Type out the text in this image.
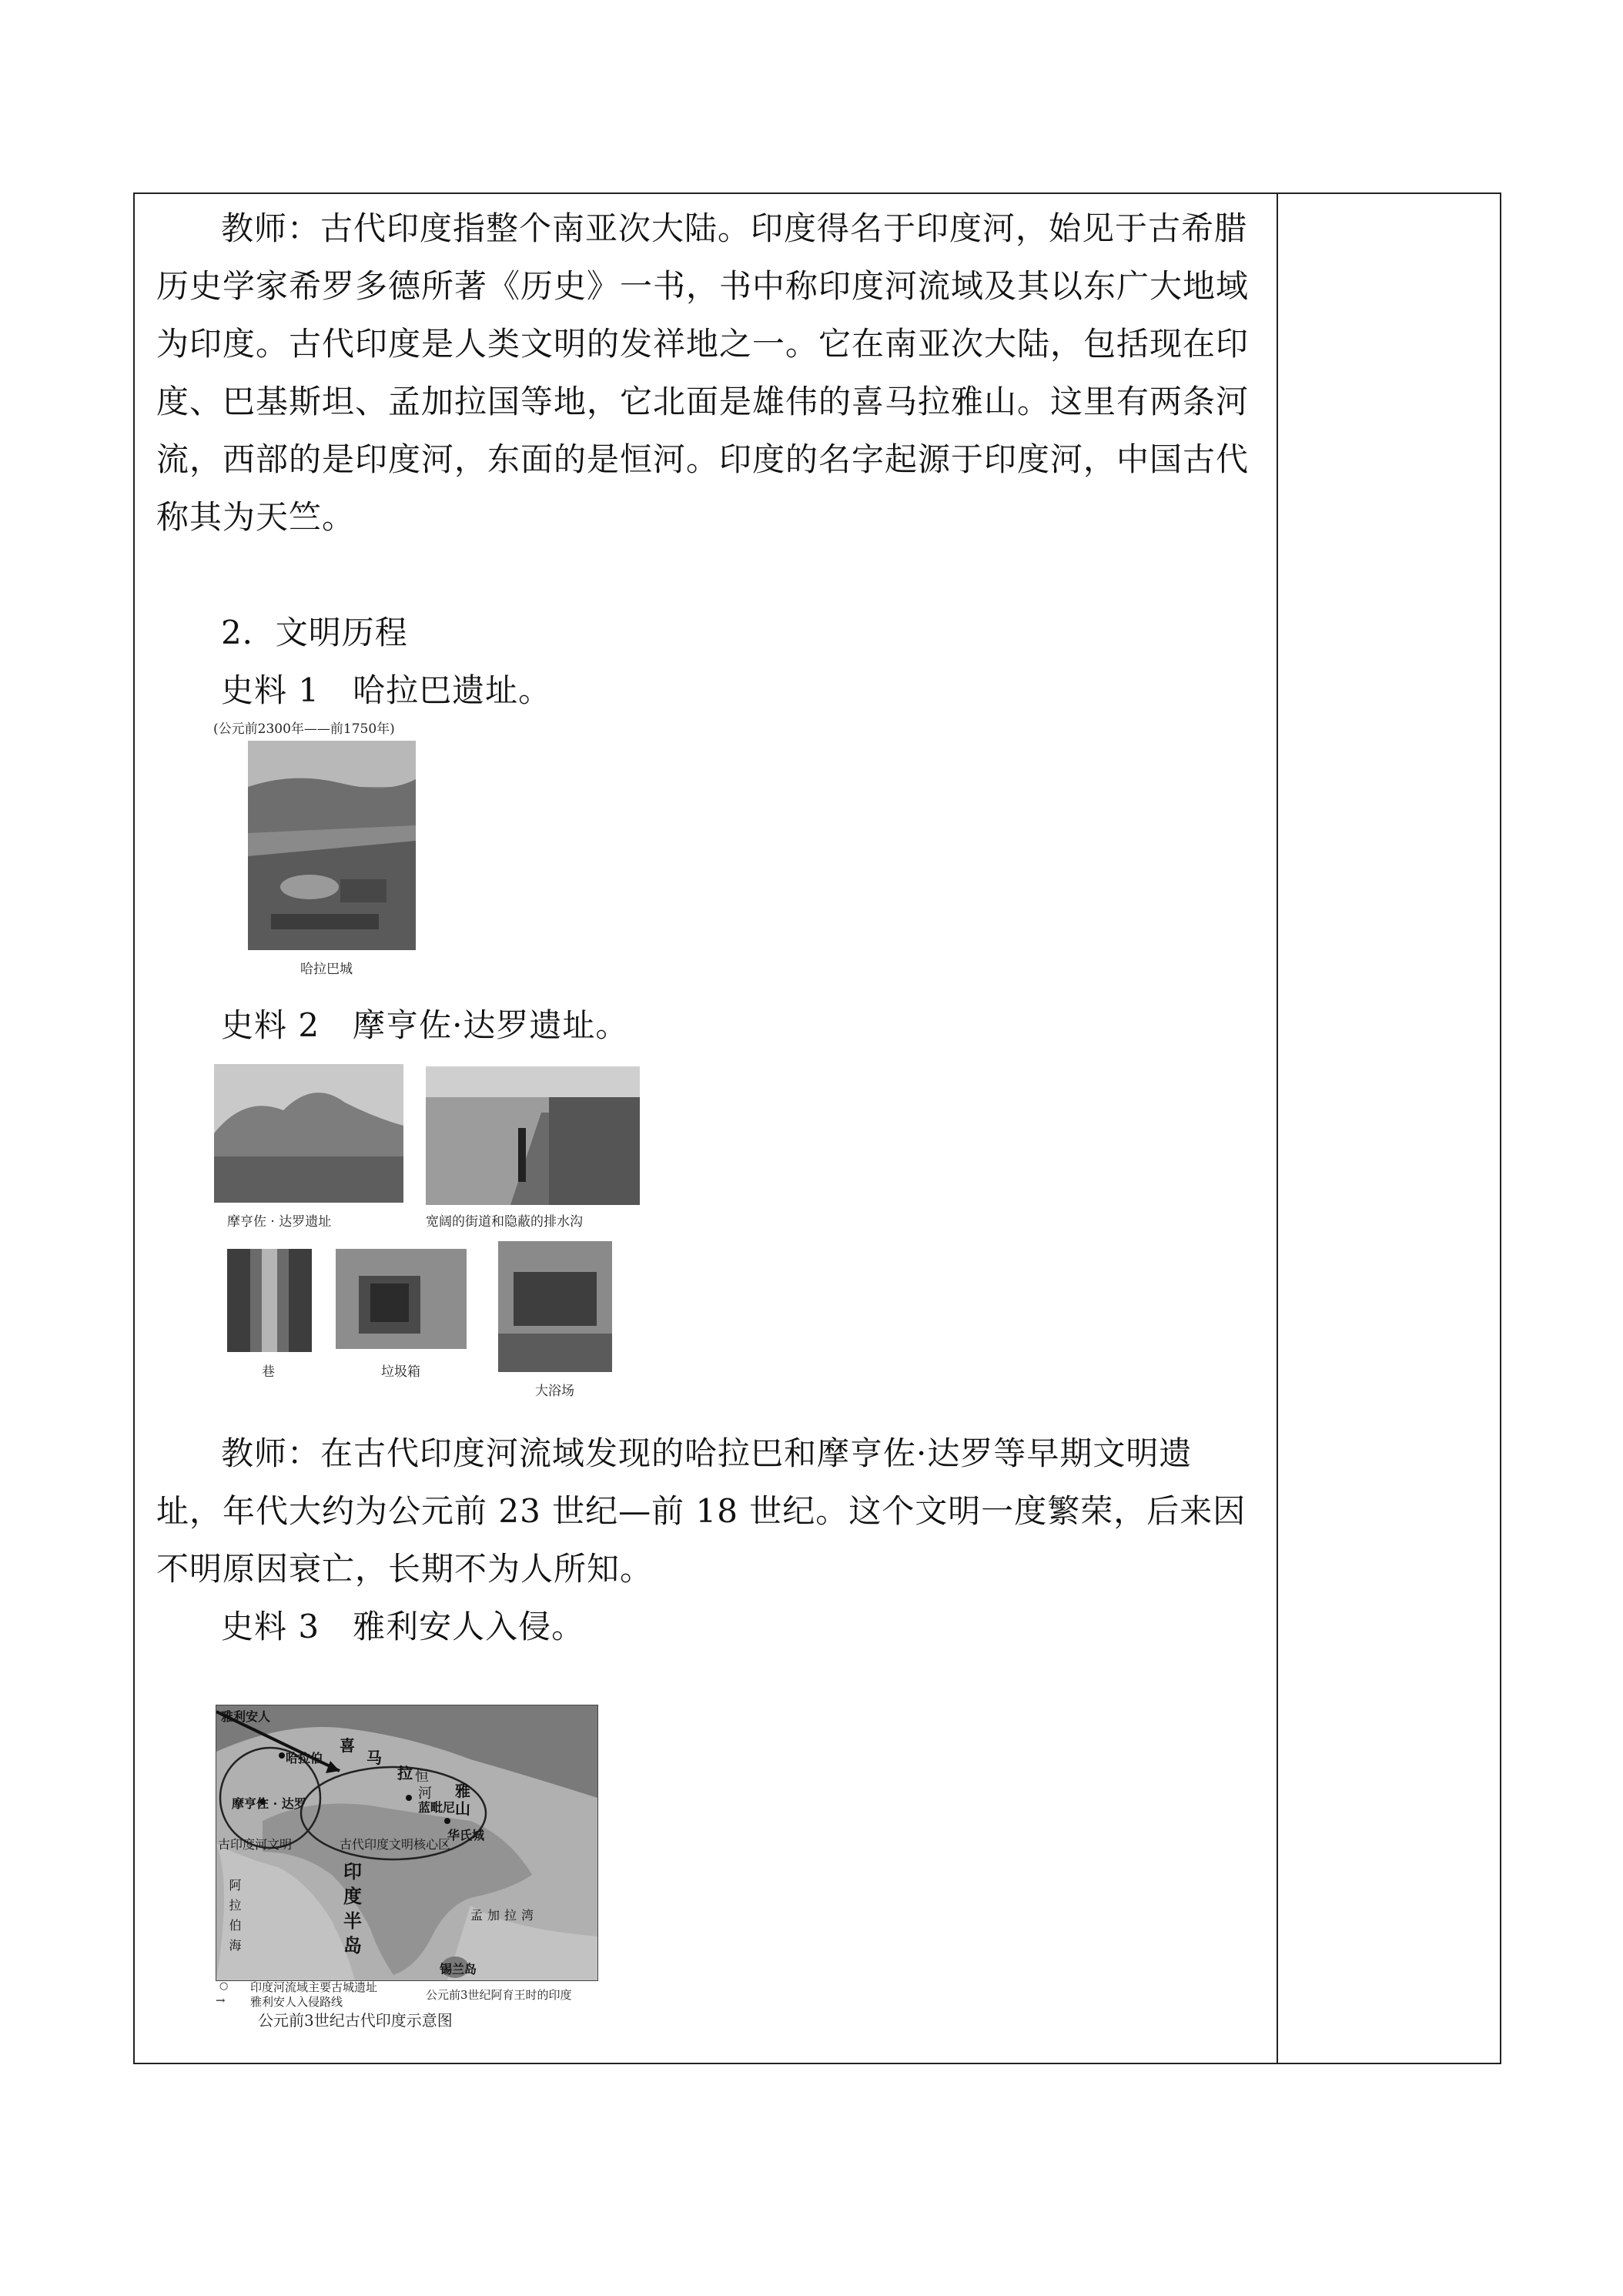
教师：古代印度指整个南亚次大陆。印度得名于印度河，始见于古希腊历史学家希罗多德所著《历史》一书，书中称印度河流域及其以东广大地域为印度。古代印度是人类文明的发祥地之一。它在南亚次大陆，包括现在印度、巴基斯坦、孟加拉国等地，它北面是雄伟的喜马拉雅山。这里有两条河流，西部的是印度河，东面的是恒河。印度的名字起源于印度河，中国古代称其为天竺。

2．文明历程

史料 1　哈拉巴遗址。

(公元前2300年——前1750年)
哈拉巴城

史料 2　摩亨佐·达罗遗址。

摩亨佐 · 达罗遗址	宽阔的街道和隐蔽的排水沟
巷	垃圾箱
大浴场

教师：在古代印度河流域发现的哈拉巴和摩亨佐·达罗等早期文明遗址，年代大约为公元前 23 世纪—前 18 世纪。这个文明一度繁荣，后来因不明原因衰亡，长期不为人所知。

史料 3　雅利安人入侵。

雅利安人
哈拉伯
摩亨佐 · 达罗	蓝毗尼
华氏城
古印度河文明	古代印度文明核心区
喜
马
拉
雅
山
恒
河
印
度
半
岛
阿拉伯海	孟加拉湾
锡兰岛
○ 印度河流域主要古城遗址
→ 雅利安人入侵路线	公元前3世纪阿育王时的印度
公元前3世纪古代印度示意图
